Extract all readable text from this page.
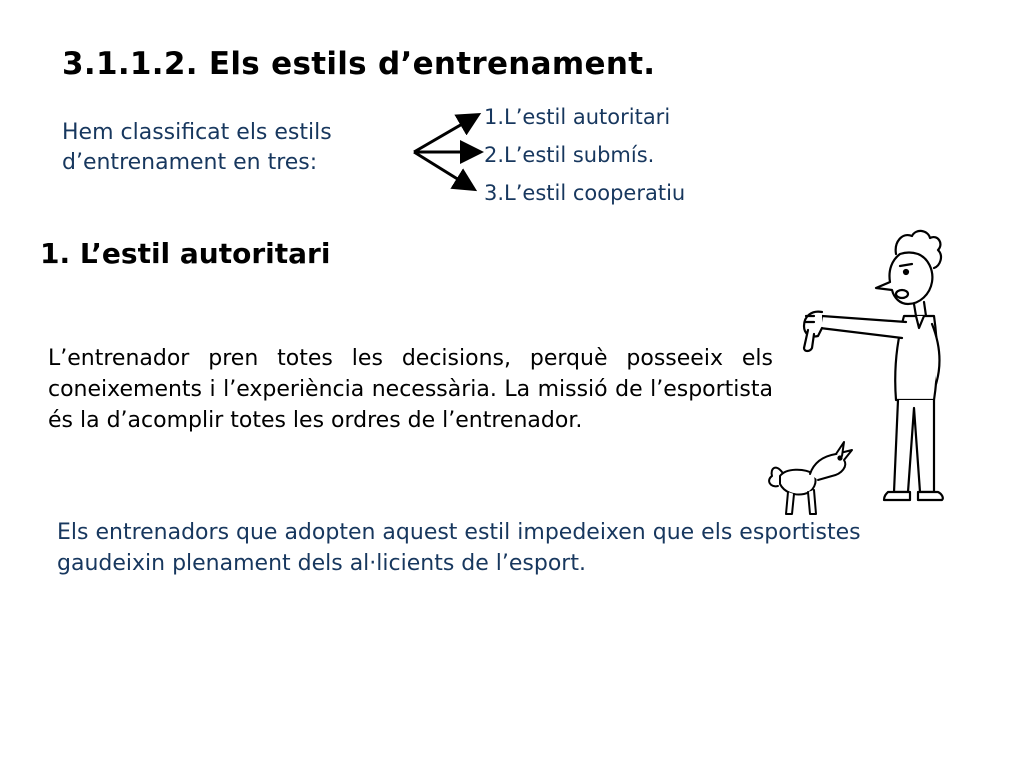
3.1.1.2. Els estils d’entrenament.
Hem classificat els estils
d’entrenament en tres:
1.L’estil autoritari
2.L’estil submís.
3.L’estil cooperatiu
1. L’estil autoritari
L’entrenador pren totes les decisions, perquè posseeix els coneixements i l’experiència necessària. La missió de l’esportista és la d’acomplir totes les ordres de l’entrenador.
Els entrenadors que adopten aquest estil impedeixen que els esportistes gaudeixin plenament dels al·licients de l’esport.
